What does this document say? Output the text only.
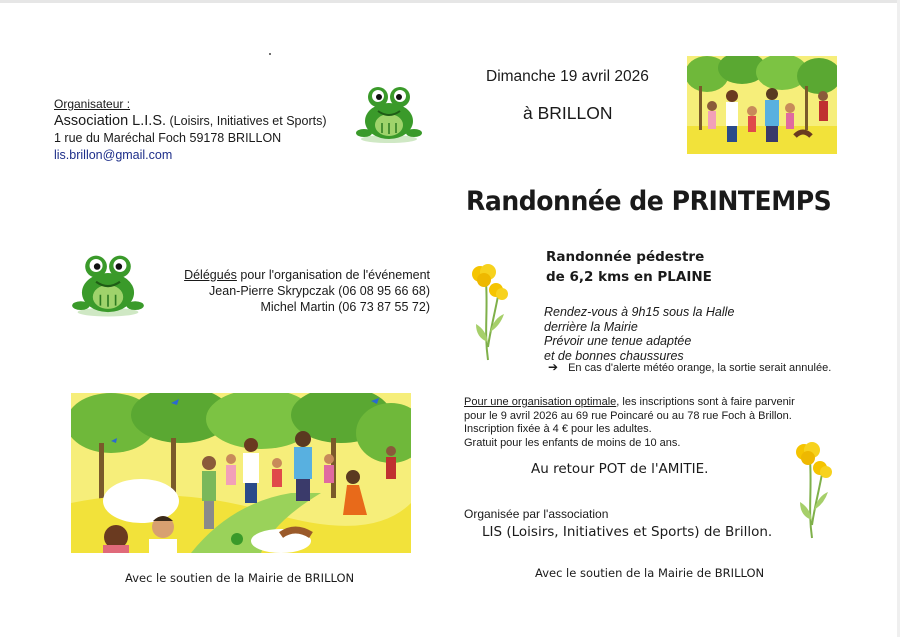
Organisateur :
Association L.I.S. (Loisirs, Initiatives et Sports)
1 rue du Maréchal Foch 59178 BRILLON
lis.brillon@gmail.com
Dimanche 19 avril 2026
à BRILLON
Randonnée de PRINTEMPS
Délégués pour l'organisation de l'événement
Jean-Pierre Skrypczak (06 08 95 66 68)
Michel Martin (06 73 87 55 72)
Randonnée pédestre
de 6,2 kms en PLAINE
Rendez-vous à 9h15 sous la Halle
derrière la Mairie
Prévoir une tenue adaptée
et de bonnes chaussures
➔ En cas d'alerte météo orange, la sortie serait annulée.
Pour une organisation optimale, les inscriptions sont à faire parvenir
pour le 9 avril 2026 au 69 rue Poincaré ou au 78 rue Foch à Brillon.
Inscription fixée à 4 € pour les adultes.
Gratuit pour les enfants de moins de 10 ans.
Au retour POT de l'AMITIE.
Organisée par l'association
LIS (Loisirs, Initiatives et Sports) de Brillon.
Avec le soutien de la Mairie de BRILLON	Avec le soutien de la Mairie de BRILLON
